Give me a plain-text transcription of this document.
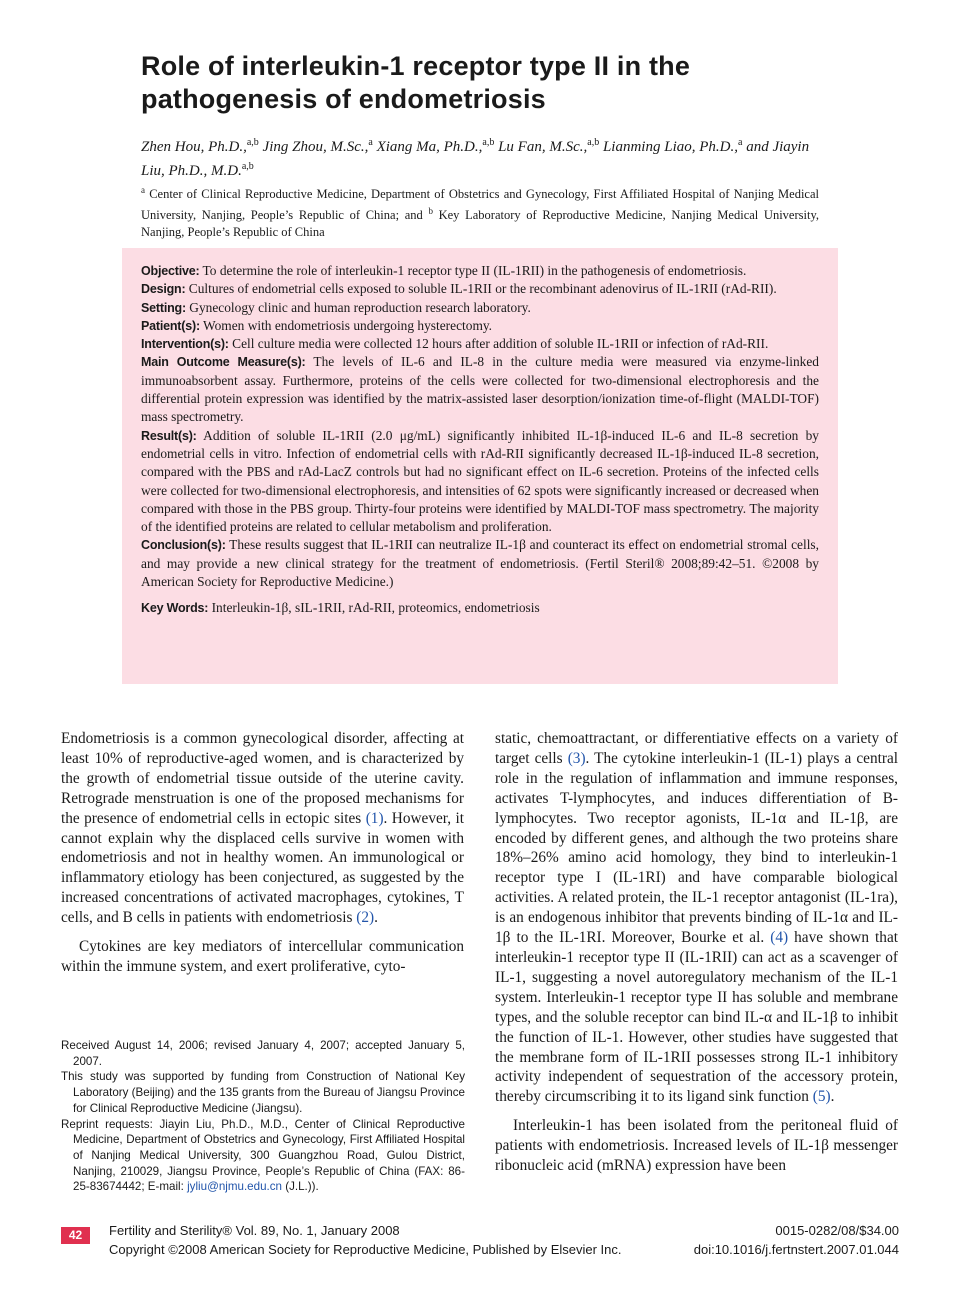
Role of interleukin-1 receptor type II in the pathogenesis of endometriosis
Zhen Hou, Ph.D.,$^{a,b}$ Jing Zhou, M.Sc.,$^a$ Xiang Ma, Ph.D.,$^{a,b}$ Lu Fan, M.Sc.,$^{a,b}$ Lianming Liao, Ph.D.,$^a$ and Jiayin Liu, Ph.D., M.D.$^{a,b}$
$^a$ Center of Clinical Reproductive Medicine, Department of Obstetrics and Gynecology, First Affiliated Hospital of Nanjing Medical University, Nanjing, People’s Republic of China; and $^b$ Key Laboratory of Reproductive Medicine, Nanjing Medical University, Nanjing, People’s Republic of China

Objective: To determine the role of interleukin-1 receptor type II (IL-1RII) in the pathogenesis of endometriosis.

Design: Cultures of endometrial cells exposed to soluble IL-1RII or the recombinant adenovirus of IL-1RII (rAd-RII).

Setting: Gynecology clinic and human reproduction research laboratory.

Patient(s): Women with endometriosis undergoing hysterectomy.

Intervention(s): Cell culture media were collected 12 hours after addition of soluble IL-1RII or infection of rAd-RII.

Main Outcome Measure(s): The levels of IL-6 and IL-8 in the culture media were measured via enzyme-linked immunoabsorbent assay. Furthermore, proteins of the cells were collected for two-dimensional electrophoresis and the differential protein expression was identified by the matrix-assisted laser desorption/ionization time-of-flight (MALDI-TOF) mass spectrometry.

Result(s): Addition of soluble IL-1RII (2.0 μg/mL) significantly inhibited IL-1β-induced IL-6 and IL-8 secretion by endometrial cells in vitro. Infection of endometrial cells with rAd-RII significantly decreased IL-1β-induced IL-8 secretion, compared with the PBS and rAd-LacZ controls but had no significant effect on IL-6 secretion. Proteins of the infected cells were collected for two-dimensional electrophoresis, and intensities of 62 spots were significantly increased or decreased when compared with those in the PBS group. Thirty-four proteins were identified by MALDI-TOF mass spectrometry. The majority of the identified proteins are related to cellular metabolism and proliferation.

Conclusion(s): These results suggest that IL-1RII can neutralize IL-1β and counteract its effect on endometrial stromal cells, and may provide a new clinical strategy for the treatment of endometriosis. (Fertil Steril® 2008;89:42–51. ©2008 by American Society for Reproductive Medicine.)

Key Words: Interleukin-1β, sIL-1RII, rAd-RII, proteomics, endometriosis

Endometriosis is a common gynecological disorder, affecting at least 10% of reproductive-aged women, and is characterized by the growth of endometrial tissue outside of the uterine cavity. Retrograde menstruation is one of the proposed mechanisms for the presence of endometrial cells in ectopic sites (1). However, it cannot explain why the displaced cells survive in women with endometriosis and not in healthy women. An immunological or inflammatory etiology has been conjectured, as suggested by the increased concentrations of activated macrophages, cytokines, T cells, and B cells in patients with endometriosis (2).

Cytokines are key mediators of intercellular communication within the immune system, and exert proliferative, cyto-

static, chemoattractant, or differentiative effects on a variety of target cells (3). The cytokine interleukin-1 (IL-1) plays a central role in the regulation of inflammation and immune responses, activates T-lymphocytes, and induces differentiation of B-lymphocytes. Two receptor agonists, IL-1α and IL-1β, are encoded by different genes, and although the two proteins share 18%–26% amino acid homology, they bind to interleukin-1 receptor type I (IL-1RI) and have comparable biological activities. A related protein, the IL-1 receptor antagonist (IL-1ra), is an endogenous inhibitor that prevents binding of IL-1α and IL-1β to the IL-1RI. Moreover, Bourke et al. (4) have shown that interleukin-1 receptor type II (IL-1RII) can act as a scavenger of IL-1, suggesting a novel autoregulatory mechanism of the IL-1 system. Interleukin-1 receptor type II has soluble and membrane types, and the soluble receptor can bind IL-α and IL-1β to inhibit the function of IL-1. However, other studies have suggested that the membrane form of IL-1RII possesses strong IL-1 inhibitory activity independent of sequestration of the accessory protein, thereby circumscribing it to its ligand sink function (5).

Interleukin-1 has been isolated from the peritoneal fluid of patients with endometriosis. Increased levels of IL-1β messenger ribonucleic acid (mRNA) expression have been

Received August 14, 2006; revised January 4, 2007; accepted January 5, 2007.

This study was supported by funding from Construction of National Key Laboratory (Beijing) and the 135 grants from the Bureau of Jiangsu Province for Clinical Reproductive Medicine (Jiangsu).

Reprint requests: Jiayin Liu, Ph.D., M.D., Center of Clinical Reproductive Medicine, Department of Obstetrics and Gynecology, First Affiliated Hospital of Nanjing Medical University, 300 Guangzhou Road, Gulou District, Nanjing, 210029, Jiangsu Province, People’s Republic of China (FAX: 86-25-83674442; E-mail: jyliu@njmu.edu.cn (J.L.)).

42	Fertility and Sterility® Vol. 89, No. 1, January 2008
Copyright ©2008 American Society for Reproductive Medicine, Published by Elsevier Inc.
0015-0282/08/$34.00
doi:10.1016/j.fertnstert.2007.01.044
